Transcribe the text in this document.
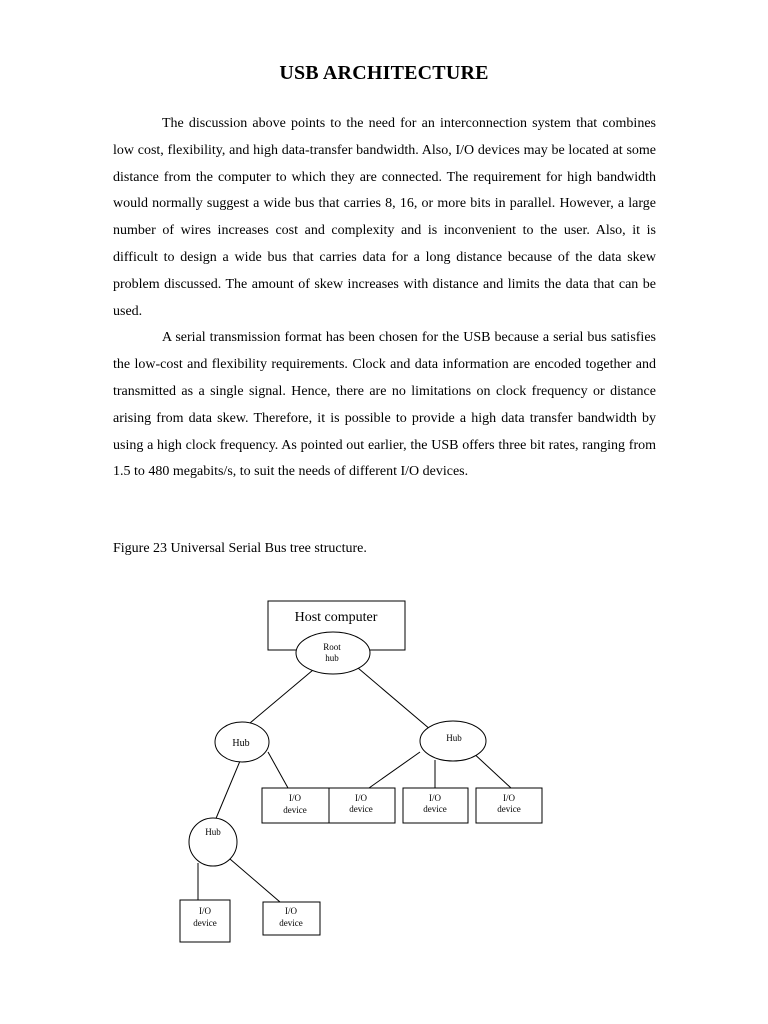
USB ARCHITECTURE

The discussion above points to the need for an interconnection system that combines low cost, flexibility, and high data-transfer bandwidth. Also, I/O devices may be located at some distance from the computer to which they are connected. The requirement for high bandwidth would normally suggest a wide bus that carries 8, 16, or more bits in parallel. However, a large number of wires increases cost and complexity and is inconvenient to the user. Also, it is difficult to design a wide bus that carries data for a long distance because of the data skew problem discussed. The amount of skew increases with distance and limits the data that can be used.

A serial transmission format has been chosen for the USB because a serial bus satisfies the low-cost and flexibility requirements. Clock and data information are encoded together and transmitted as a single signal. Hence, there are no limitations on clock frequency or distance arising from data skew. Therefore, it is possible to provide a high data transfer bandwidth by using a high clock frequency. As pointed out earlier, the USB offers three bit rates, ranging from 1.5 to 480 megabits/s, to suit the needs of different I/O devices.

Figure 23 Universal Serial Bus tree structure.
Host computer
Root
hub
Hub	Hub
Hub
I/O
device
I/O
device
I/O
device
I/O
device
I/O
device
I/O
device
